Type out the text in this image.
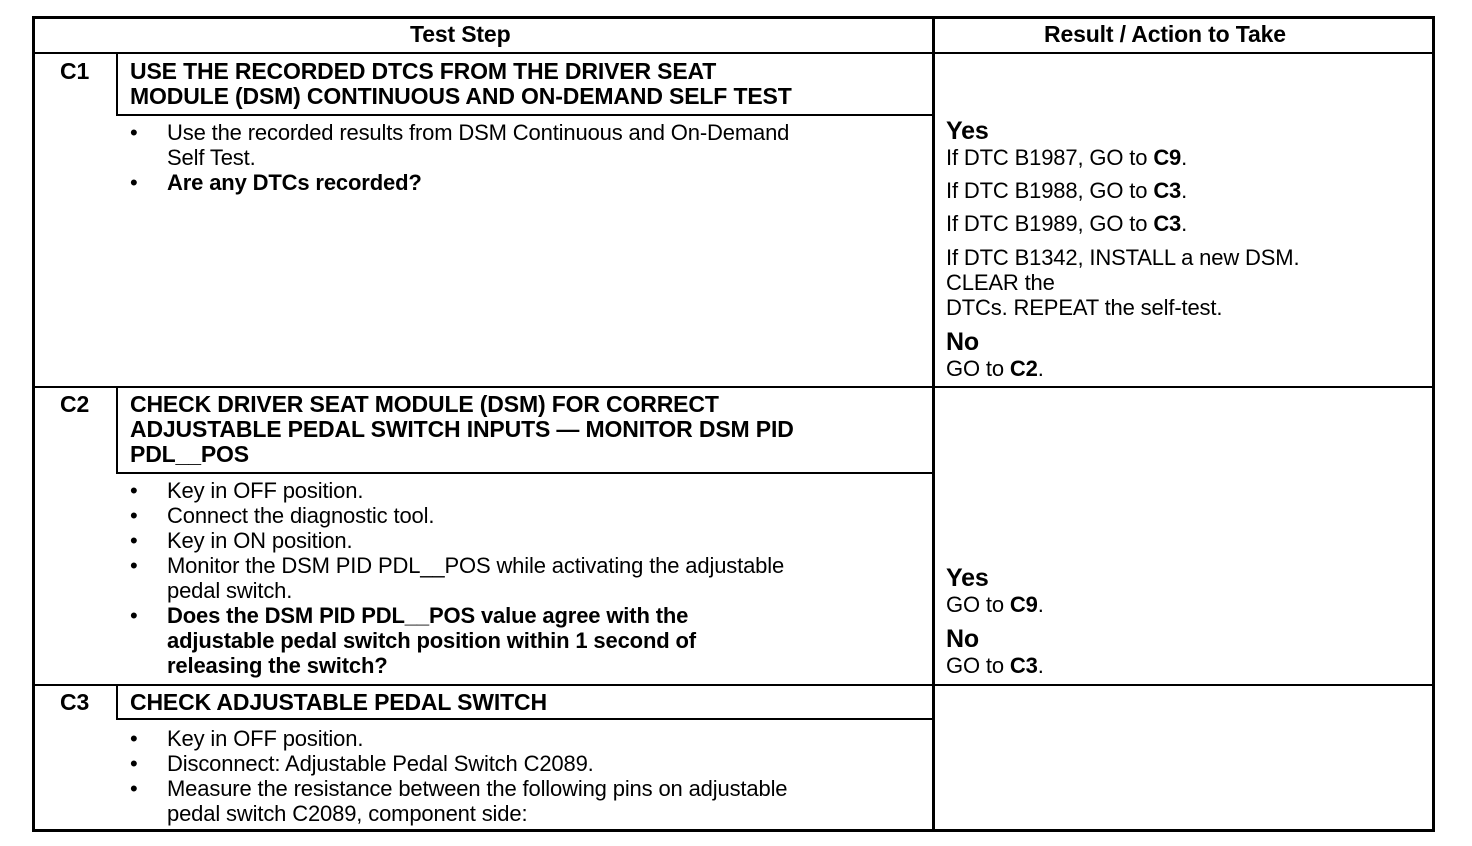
Test Step	Result / Action to Take
C1 USE THE RECORDED DTCS FROM THE DRIVER SEAT
MODULE (DSM) CONTINUOUS AND ON-DEMAND SELF TEST
• Use the recorded results from DSM Continuous and On-Demand
Self Test.
• Are any DTCs recorded?
Yes
If DTC B1987, GO to C9.
If DTC B1988, GO to C3.
If DTC B1989, GO to C3.
If DTC B1342, INSTALL a new DSM.
CLEAR the
DTCs. REPEAT the self-test.
No
GO to C2.
C2 CHECK DRIVER SEAT MODULE (DSM) FOR CORRECT
ADJUSTABLE PEDAL SWITCH INPUTS — MONITOR DSM PID
PDL__POS
• Key in OFF position.
• Connect the diagnostic tool.
• Key in ON position.
• Monitor the DSM PID PDL__POS while activating the adjustable
pedal switch.
• Does the DSM PID PDL__POS value agree with the
adjustable pedal switch position within 1 second of
releasing the switch?
Yes
GO to C9.
No
GO to C3.
C3 CHECK ADJUSTABLE PEDAL SWITCH
• Key in OFF position.
• Disconnect: Adjustable Pedal Switch C2089.
• Measure the resistance between the following pins on adjustable
pedal switch C2089, component side:
